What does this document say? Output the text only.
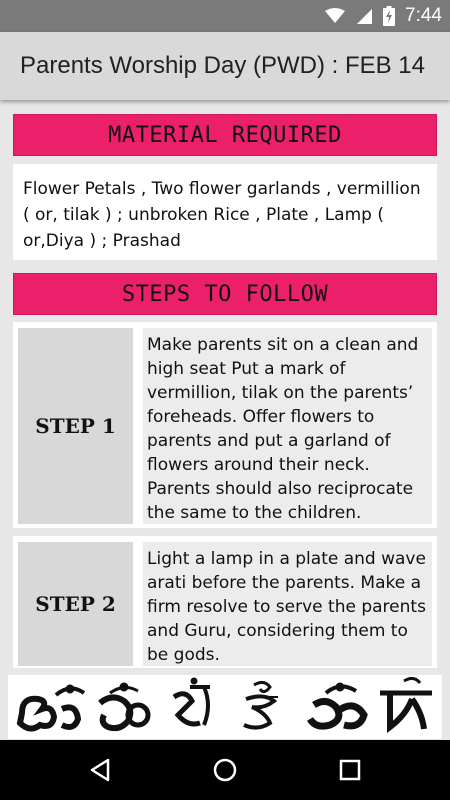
7:44
Parents Worship Day (PWD) : FEB 14
MATERIAL REQUIRED
Flower Petals , Two flower garlands , vermillion ( or, tilak ) ; unbroken Rice , Plate , Lamp ( or,Diya ) ; Prashad
STEPS TO FOLLOW
STEP 1
Make parents sit on a clean and high seat Put a mark of vermillion, tilak on the parents’ foreheads. Offer flowers to parents and put a garland of flowers around their neck. Parents should also reciprocate the same to the children.
STEP 2
Light a lamp in a plate and wave arati before the parents. Make a firm resolve to serve the parents and Guru, considering them to be gods.
